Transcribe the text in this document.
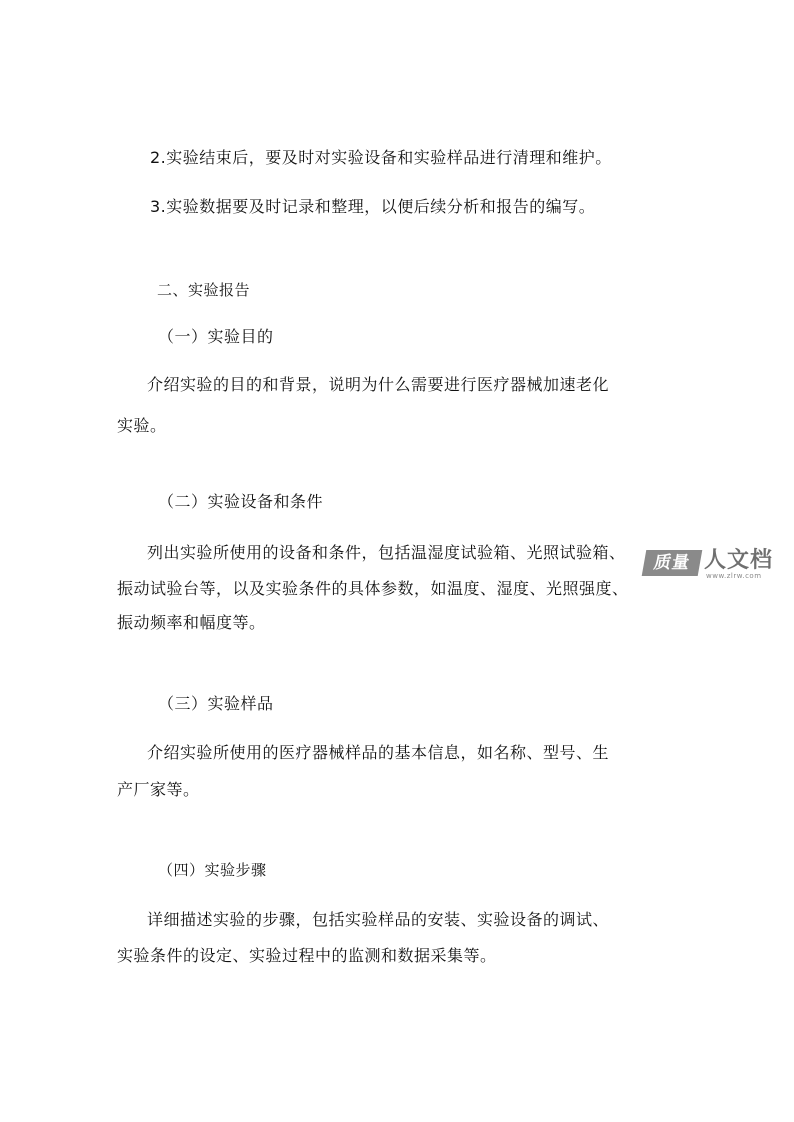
2.实验结束后，要及时对实验设备和实验样品进行清理和维护。
3.实验数据要及时记录和整理，以便后续分析和报告的编写。
二、实验报告
（一）实验目的
介绍实验的目的和背景，说明为什么需要进行医疗器械加速老化
实验。
（二）实验设备和条件
列出实验所使用的设备和条件，包括温湿度试验箱、光照试验箱、
振动试验台等，以及实验条件的具体参数，如温度、湿度、光照强度、
振动频率和幅度等。
（三）实验样品
介绍实验所使用的医疗器械样品的基本信息，如名称、型号、生
产厂家等。
（四）实验步骤
详细描述实验的步骤，包括实验样品的安装、实验设备的调试、
实验条件的设定、实验过程中的监测和数据采集等。
质量 人文档
www.zlrw.com
